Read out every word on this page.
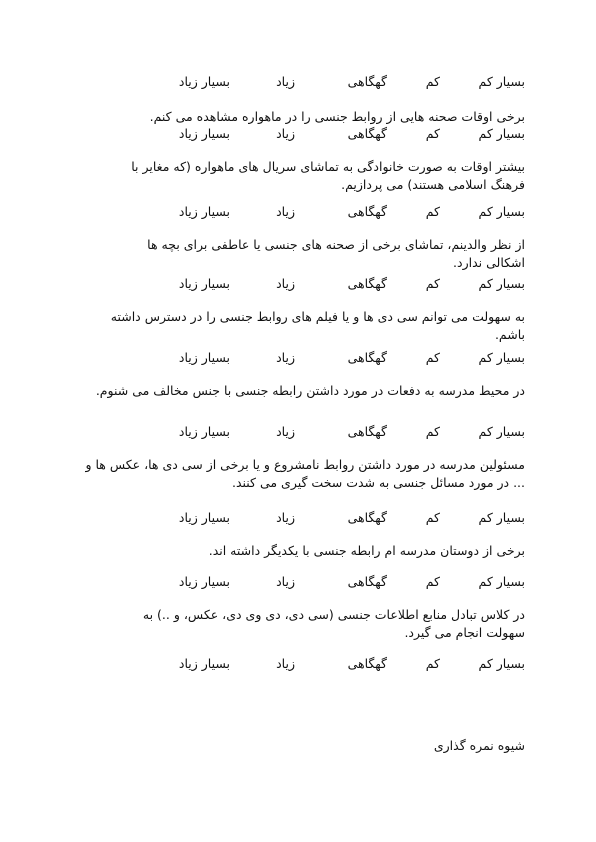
بسیار کم
کم
گهگاهی
زیاد
بسیار زیاد
برخی اوقات صحنه هایی از روابط جنسی را در ماهواره مشاهده می کنم.
بسیار کم
کم
گهگاهی
زیاد
بسیار زیاد
بیشتر اوقات به صورت خانوادگی به تماشای سریال های ماهواره (که مغایر با فرهنگ اسلامی هستند) می پردازیم.
بسیار کم
کم
گهگاهی
زیاد
بسیار زیاد
از نظر والدینم، تماشای برخی از صحنه های جنسی یا عاطفی برای بچه ها اشکالی ندارد.
بسیار کم
کم
گهگاهی
زیاد
بسیار زیاد
به سهولت می توانم سی دی ها و یا فیلم های روابط جنسی را در دسترس داشته باشم.
بسیار کم
کم
گهگاهی
زیاد
بسیار زیاد
در محیط مدرسه به دفعات در مورد داشتن رابطه جنسی با جنس مخالف می شنوم.
بسیار کم
کم
گهگاهی
زیاد
بسیار زیاد
مسئولین مدرسه در مورد داشتن روابط نامشروع و یا برخی از سی دی ها، عکس ها و ... در مورد مسائل جنسی به شدت سخت گیری می کنند.
بسیار کم
کم
گهگاهی
زیاد
بسیار زیاد
برخی از دوستان مدرسه ام رابطه جنسی با یکدیگر داشته اند.
بسیار کم
کم
گهگاهی
زیاد
بسیار زیاد
در کلاس تبادل منابع اطلاعات جنسی (سی دی، دی وی دی، عکس، و ..) به سهولت انجام می گیرد.
بسیار کم
کم
گهگاهی
زیاد
بسیار زیاد
شیوه نمره گذاری
